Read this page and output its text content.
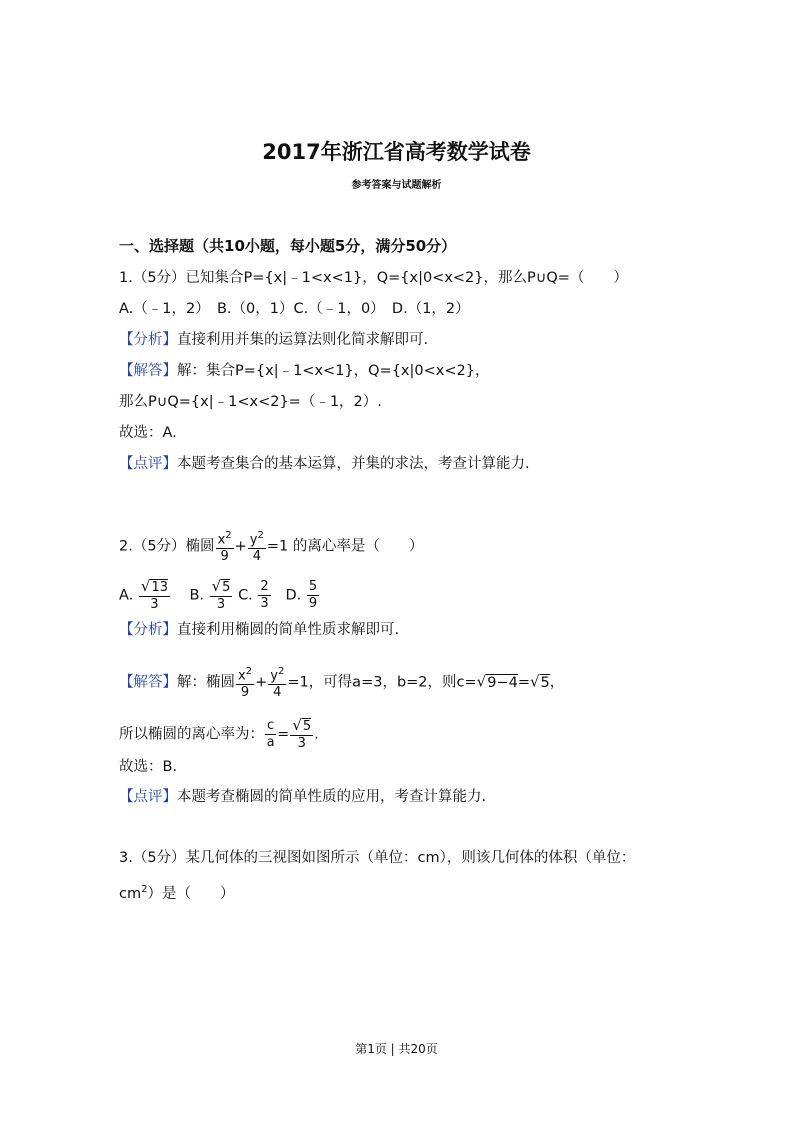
2017年浙江省高考数学试卷
参考答案与试题解析
一、选择题（共10小题，每小题5分，满分50分）
1.（5分）已知集合P={x|﹣1<x<1}，Q={x|0<x<2}，那么P∪Q=（　　）
A.（﹣1，2）　B.（0，1）C.（﹣1，0）　D.（1，2）
【分析】直接利用并集的运算法则化简求解即可.
【解答】解：集合P={x|﹣1<x<1}，Q={x|0<x<2}，
那么P∪Q={x|﹣1<x<2}=（﹣1，2）.
故选：A.
【点评】本题考查集合的基本运算，并集的求法，考查计算能力.
2.（5分）椭圆 $\frac{x^2}{9} + \frac{y^2}{4} =1$ 的离心率是（　　）
A. $\frac{√13}{3} B$. $\frac{√5}{3} C$. $\frac{2}{3} D$. $\frac{5}{9}$
【分析】直接利用椭圆的简单性质求解即可.
【解答】解：椭圆 $\frac{x^2}{9} + \frac{y^2}{4} =1$，可得a=3，b=2，则c=√9−4=√5，
所以椭圆的离心率为： $\frac{c}{a} = \frac{√5}{3}$ .
故选：B.
【点评】本题考查椭圆的简单性质的应用，考查计算能力.
3.（5分）某几何体的三视图如图所示（单位：cm），则该几何体的体积（单位：
$cm^2$）是（　　）
第1页 | 共20页
